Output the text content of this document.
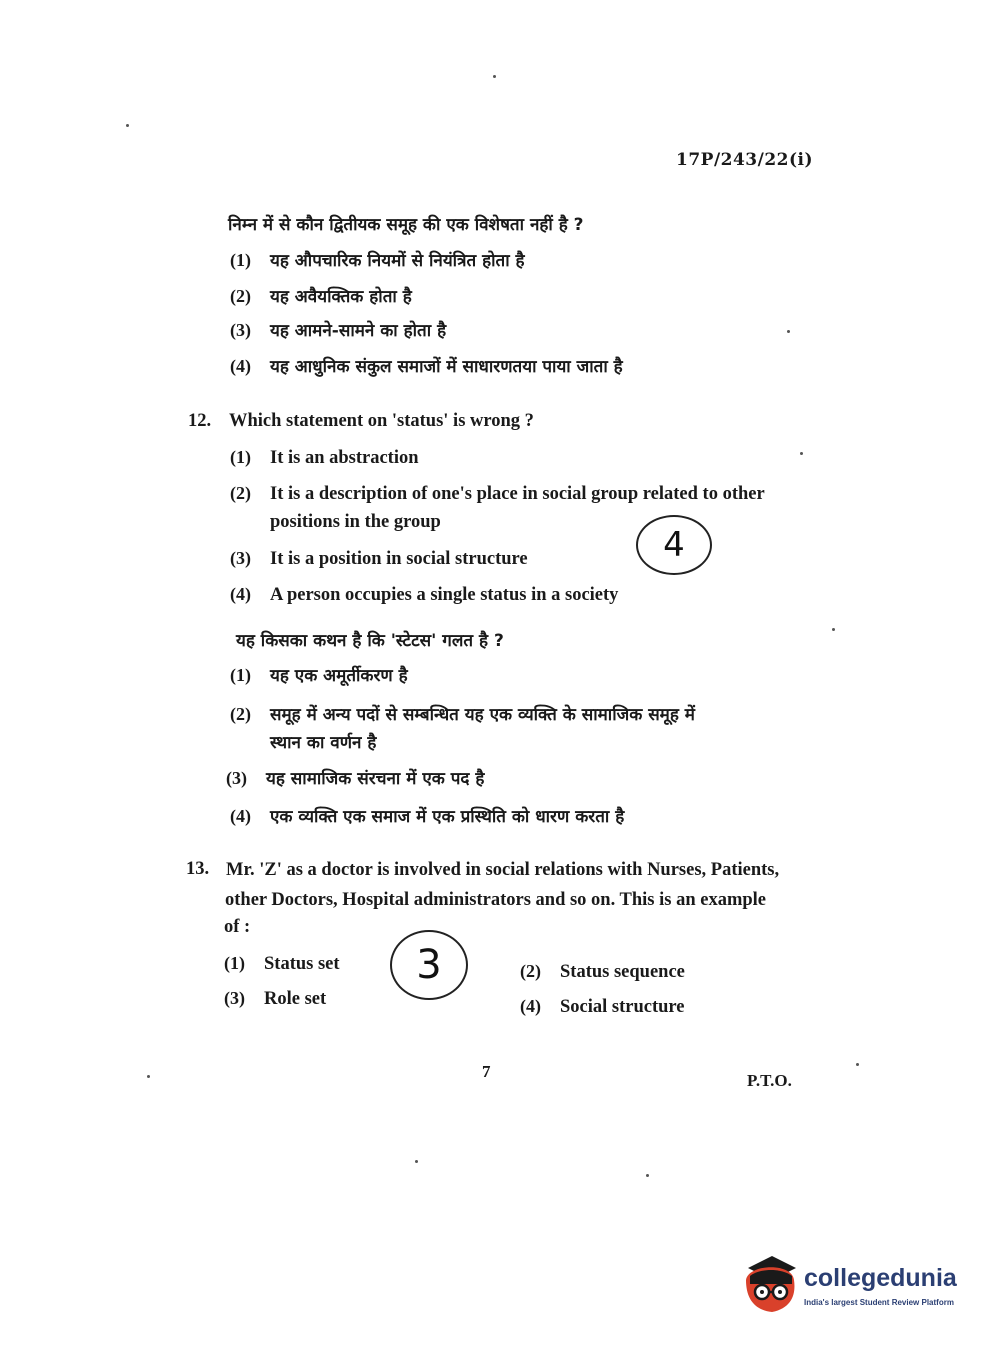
17P/243/22(i)
निम्न में से कौन द्वितीयक समूह की एक विशेषता नहीं है ?
(1) यह औपचारिक नियमों से नियंत्रित होता है
(2) यह अवैयक्तिक होता है
(3) यह आमने-सामने का होता है
(4) यह आधुनिक संकुल समाजों में साधारणतया पाया जाता है
12. Which statement on 'status' is wrong ?
(1) It is an abstraction
(2) It is a description of one's place in social group related to other
positions in the group
(3) It is a position in social structure
(4) A person occupies a single status in a society
4
यह किसका कथन है कि 'स्टेटस' गलत है ?
(1) यह एक अमूर्तीकरण है
(2) समूह में अन्य पदों से सम्बन्धित यह एक व्यक्ति के सामाजिक समूह में
स्थान का वर्णन है
(3) यह सामाजिक संरचना में एक पद है
(4) एक व्यक्ति एक समाज में एक प्रस्थिति को धारण करता है
13. Mr. 'Z' as a doctor is involved in social relations with Nurses, Patients,
other Doctors, Hospital administrators and so on. This is an example
of :
(1) Status set	(2) Status sequence
(3) Role set	(4) Social structure
3
7	P.T.O.
collegedunia
India's largest Student Review Platform
